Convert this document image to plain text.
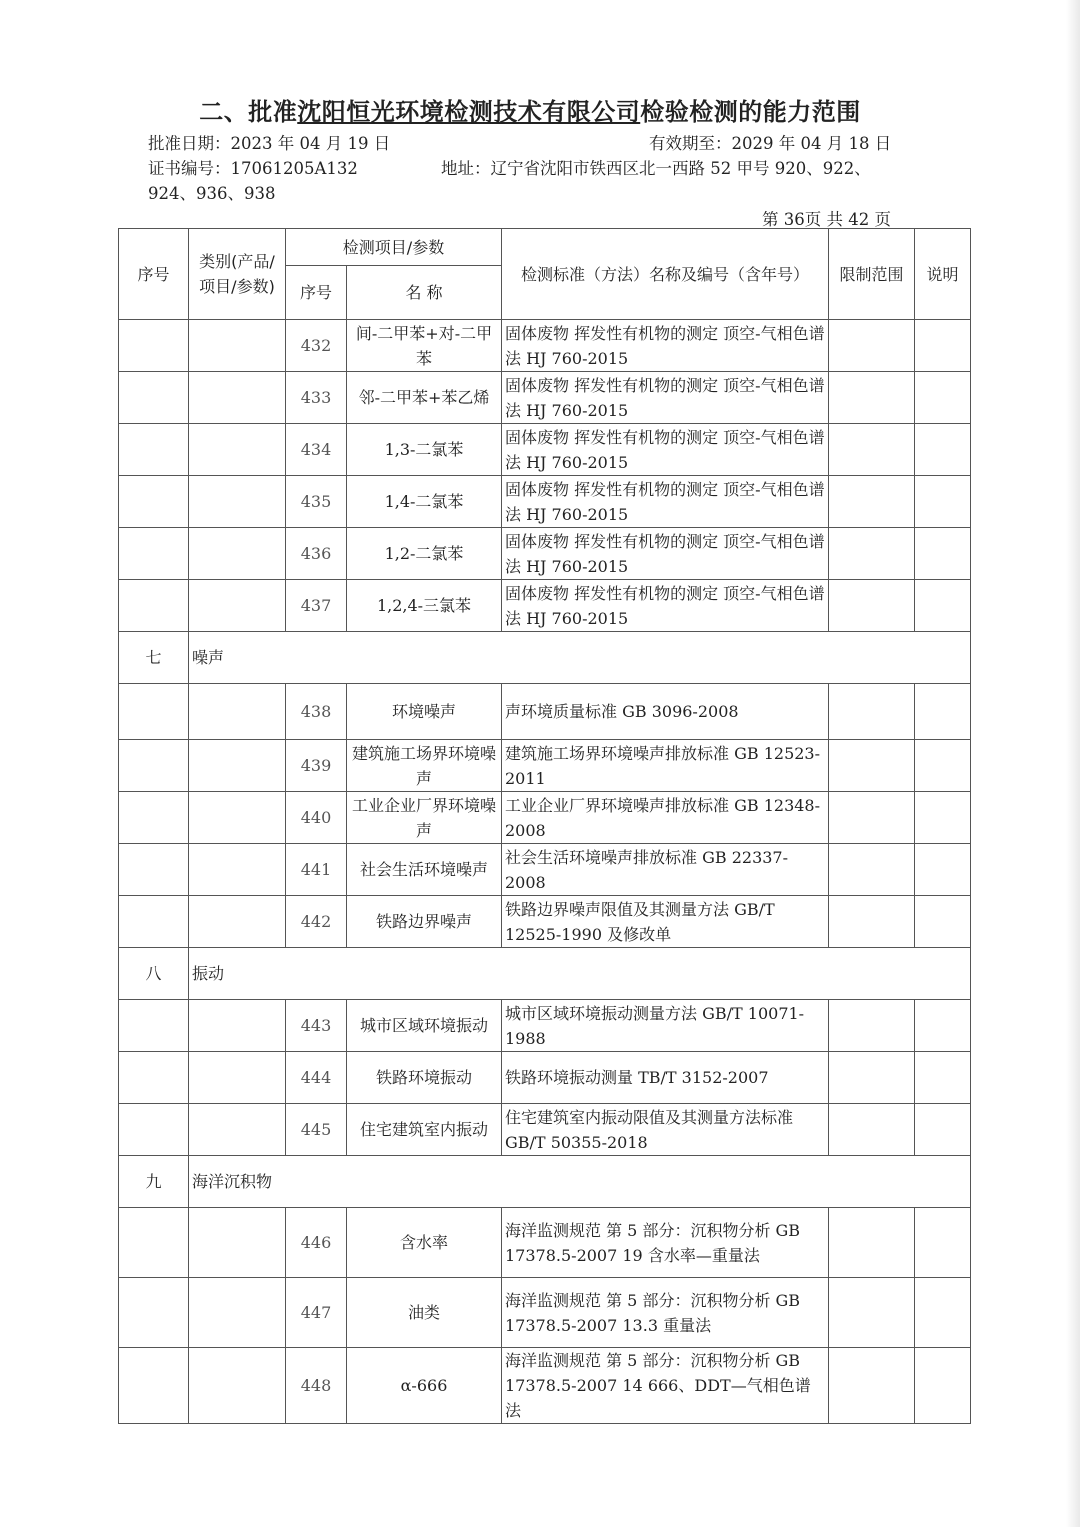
二、批准沈阳恒光环境检测技术有限公司检验检测的能力范围
批准日期：2023 年 04 月 19 日	有效期至：2029 年 04 月 18 日
证书编号：17061205A132	地址：辽宁省沈阳市铁西区北一西路 52 甲号 920、922、
924、936、938
第 36页 共 42 页
序号	类别(产品/项目/参数)	检测项目/参数		检测标准（方法）名称及编号（含年号）	限制范围	说明
		序号	名 称			
		432	间-二甲苯+对-二甲苯	固体废物 挥发性有机物的测定 顶空-气相色谱法 HJ 760-2015		
		433	邻-二甲苯+苯乙烯	固体废物 挥发性有机物的测定 顶空-气相色谱法 HJ 760-2015		
		434	1,3-二氯苯	固体废物 挥发性有机物的测定 顶空-气相色谱法 HJ 760-2015		
		435	1,4-二氯苯	固体废物 挥发性有机物的测定 顶空-气相色谱法 HJ 760-2015		
		436	1,2-二氯苯	固体废物 挥发性有机物的测定 顶空-气相色谱法 HJ 760-2015		
		437	1,2,4-三氯苯	固体废物 挥发性有机物的测定 顶空-气相色谱法 HJ 760-2015		
七	噪声					
		438	环境噪声	声环境质量标准 GB 3096-2008		
		439	建筑施工场界环境噪声	建筑施工场界环境噪声排放标准 GB 12523-2011		
		440	工业企业厂界环境噪声	工业企业厂界环境噪声排放标准 GB 12348-2008		
		441	社会生活环境噪声	社会生活环境噪声排放标准 GB 22337-2008		
		442	铁路边界噪声	铁路边界噪声限值及其测量方法 GB/T 12525-1990 及修改单		
八	振动					
		443	城市区域环境振动	城市区域环境振动测量方法 GB/T 10071-1988		
		444	铁路环境振动	铁路环境振动测量 TB/T 3152-2007		
		445	住宅建筑室内振动	住宅建筑室内振动限值及其测量方法标准 GB/T 50355-2018		
九	海洋沉积物					
		446	含水率	海洋监测规范 第 5 部分：沉积物分析 GB 17378.5-2007 19 含水率—重量法		
		447	油类	海洋监测规范 第 5 部分：沉积物分析 GB 17378.5-2007 13.3 重量法		
		448	α-666	海洋监测规范 第 5 部分：沉积物分析 GB 17378.5-2007 14 666、DDT—气相色谱法		
